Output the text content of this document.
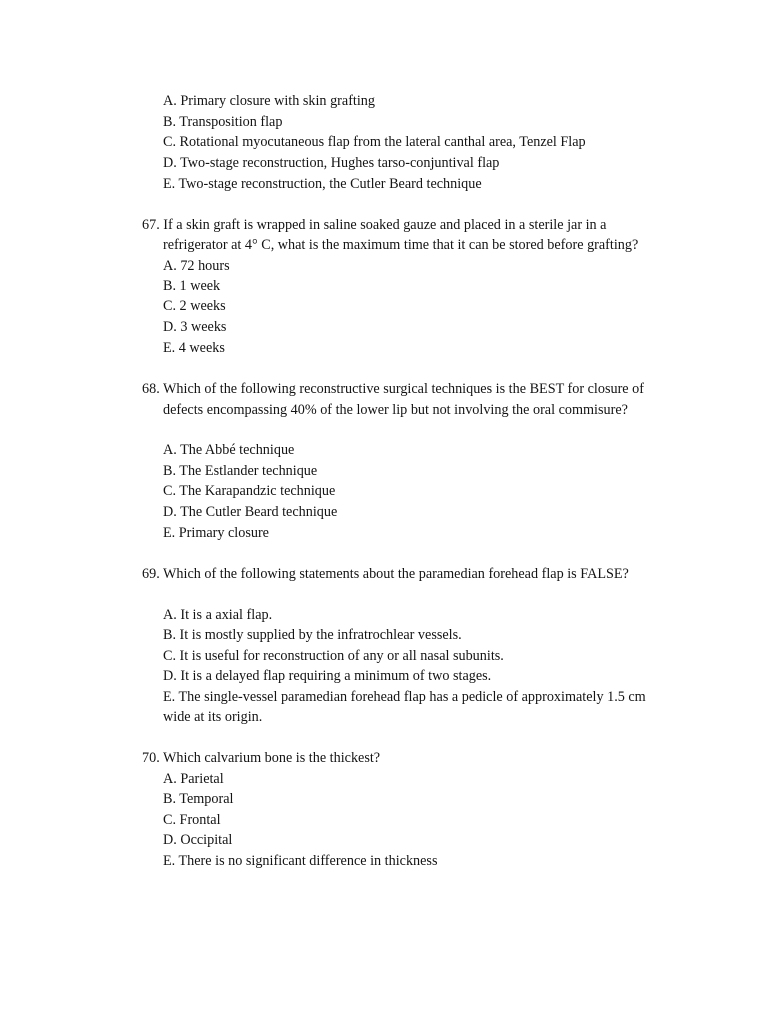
A. Primary closure with skin grafting
B. Transposition flap
C. Rotational myocutaneous flap from the lateral canthal area, Tenzel Flap
D. Two-stage reconstruction, Hughes tarso-conjuntival flap
E. Two-stage reconstruction, the Cutler Beard technique
67. If a skin graft is wrapped in saline soaked gauze and placed in a sterile jar in a
refrigerator at 4° C, what is the maximum time that it can be stored before grafting?
A. 72 hours
B. 1 week
C. 2 weeks
D. 3 weeks
E. 4 weeks
68. Which of the following reconstructive surgical techniques is the BEST for closure of
defects encompassing 40% of the lower lip but not involving the oral commisure?
A. The Abbé technique
B. The Estlander technique
C. The Karapandzic technique
D. The Cutler Beard technique
E. Primary closure
69. Which of the following statements about the paramedian forehead flap is FALSE?
A. It is a axial flap.
B. It is mostly supplied by the infratrochlear vessels.
C. It is useful for reconstruction of any or all nasal subunits.
D. It is a delayed flap requiring a minimum of two stages.
E. The single-vessel paramedian forehead flap has a pedicle of approximately 1.5 cm
wide at its origin.
70. Which calvarium bone is the thickest?
A. Parietal
B. Temporal
C. Frontal
D. Occipital
E. There is no significant difference in thickness
